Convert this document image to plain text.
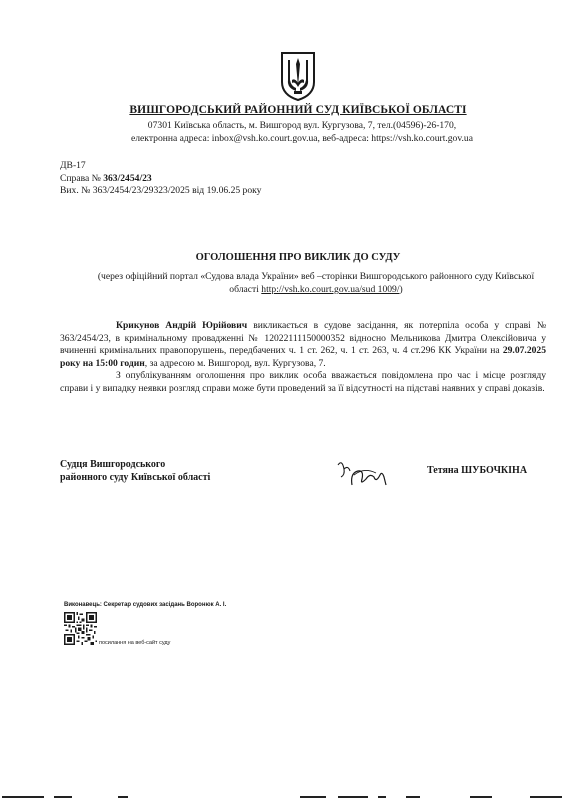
ВИШГОРОДСЬКИЙ РАЙОННИЙ СУД КИЇВСЬКОЇ ОБЛАСТІ
07301 Київська область, м. Вишгород вул. Кургузова, 7, тел.(04596)-26-170,
електронна адреса: inbox@vsh.ko.court.gov.ua, веб-адреса: https://vsh.ko.court.gov.ua
ДВ-17
Справа № 363/2454/23
Вих. № 363/2454/23/29323/2025 від 19.06.25 року
ОГОЛОШЕННЯ ПРО ВИКЛИК ДО СУДУ
(через офіційний портал «Судова влада України» веб –сторінки Вишгородського районного суду Київської області http://vsh.ko.court.gov.ua/sud 1009/)

Крикунов Андрій Юрійович викликається в судове засідання, як потерпіла особа у справі № 363/2454/23, в кримінальному провадженні № 12022111150000352 відносно Мельникова Дмитра Олексійовича у вчиненні кримінальних правопорушень, передбачених ч. 1 ст. 262, ч. 1 ст. 263, ч. 4 ст.296 КК України на 29.07.2025 року на 15:00 годин, за адресою м. Вишгород, вул. Кургузова, 7.

З опублікуванням оголошення про виклик особа вважається повідомлена про час і місце розгляду справи і у випадку неявки розгляд справи може бути проведений за її відсутності на підставі наявних у справі доказів.

Судця Вишгородського
районного суду Київської області
Тетяна ШУБОЧКІНА
Виконавець: Секретар судових засідань Воронюк А. І.
посилання на веб-сайт суду
